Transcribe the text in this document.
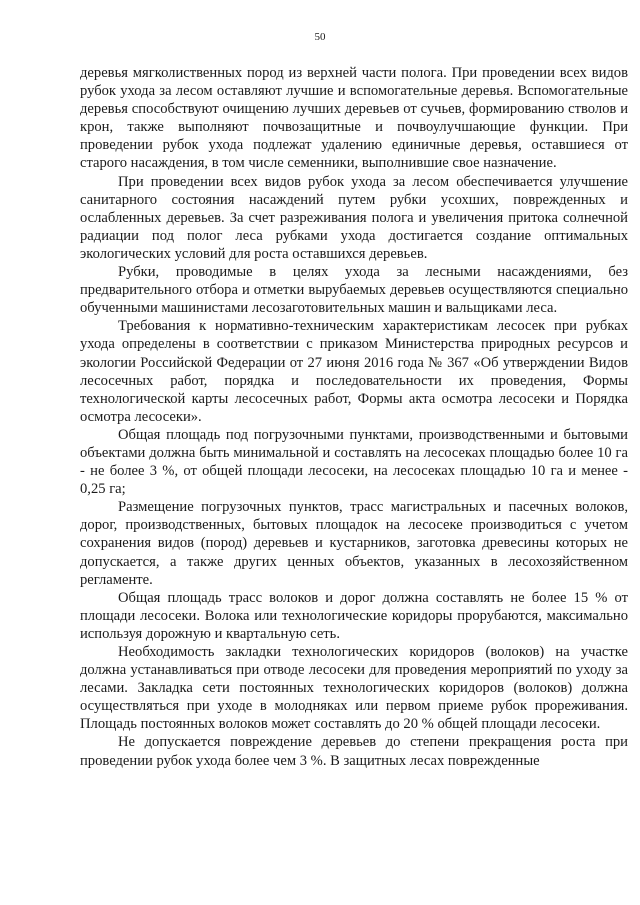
50

деревья мягколиственных пород из верхней части полога. При проведении всех видов рубок ухода за лесом оставляют лучшие и вспомогательные деревья. Вспомогательные деревья способствуют очищению лучших деревьев от сучьев, формированию стволов и крон, также выполняют почвозащитные и почвоулучшающие функции. При проведении рубок ухода подлежат удалению единичные деревья, оставшиеся от старого насаждения, в том числе семенники, выполнившие свое назначение.

При проведении всех видов рубок ухода за лесом обеспечивается улучшение санитарного состояния насаждений путем рубки усохших, поврежденных и ослабленных деревьев. За счет разреживания полога и увеличения притока солнечной радиации под полог леса рубками ухода достигается создание оптимальных экологических условий для роста оставшихся деревьев.

Рубки, проводимые в целях ухода за лесными насаждениями, без предварительного отбора и отметки вырубаемых деревьев осуществляются специально обученными машинистами лесозаготовительных машин и вальщиками леса.

Требования к нормативно-техническим характеристикам лесосек при рубках ухода определены в соответствии с приказом Министерства природных ресурсов и экологии Российской Федерации от 27 июня 2016 года № 367 «Об утверждении Видов лесосечных работ, порядка и последовательности их проведения, Формы технологической карты лесосечных работ, Формы акта осмотра лесосеки и Порядка осмотра лесосеки».

Общая площадь под погрузочными пунктами, производственными и бытовыми объектами должна быть минимальной и составлять на лесосеках площадью более 10 га - не более 3 %, от общей площади лесосеки, на лесосеках площадью 10 га и менее - 0,25 га;

Размещение погрузочных пунктов, трасс магистральных и пасечных волоков, дорог, производственных, бытовых площадок на лесосеке производиться с учетом сохранения видов (пород) деревьев и кустарников, заготовка древесины которых не допускается, а также других ценных объектов, указанных в лесохозяйственном регламенте.

Общая площадь трасс волоков и дорог должна составлять не более 15 % от площади лесосеки. Волока или технологические коридоры прорубаются, максимально используя дорожную и квартальную сеть.

Необходимость закладки технологических коридоров (волоков) на участке должна устанавливаться при отводе лесосеки для проведения мероприятий по уходу за лесами. Закладка сети постоянных технологических коридоров (волоков) должна осуществляться при уходе в молодняках или первом приеме рубок прореживания. Площадь постоянных волоков может составлять до 20 % общей площади лесосеки.

Не допускается повреждение деревьев до степени прекращения роста при проведении рубок ухода более чем 3 %. В защитных лесах поврежденные
